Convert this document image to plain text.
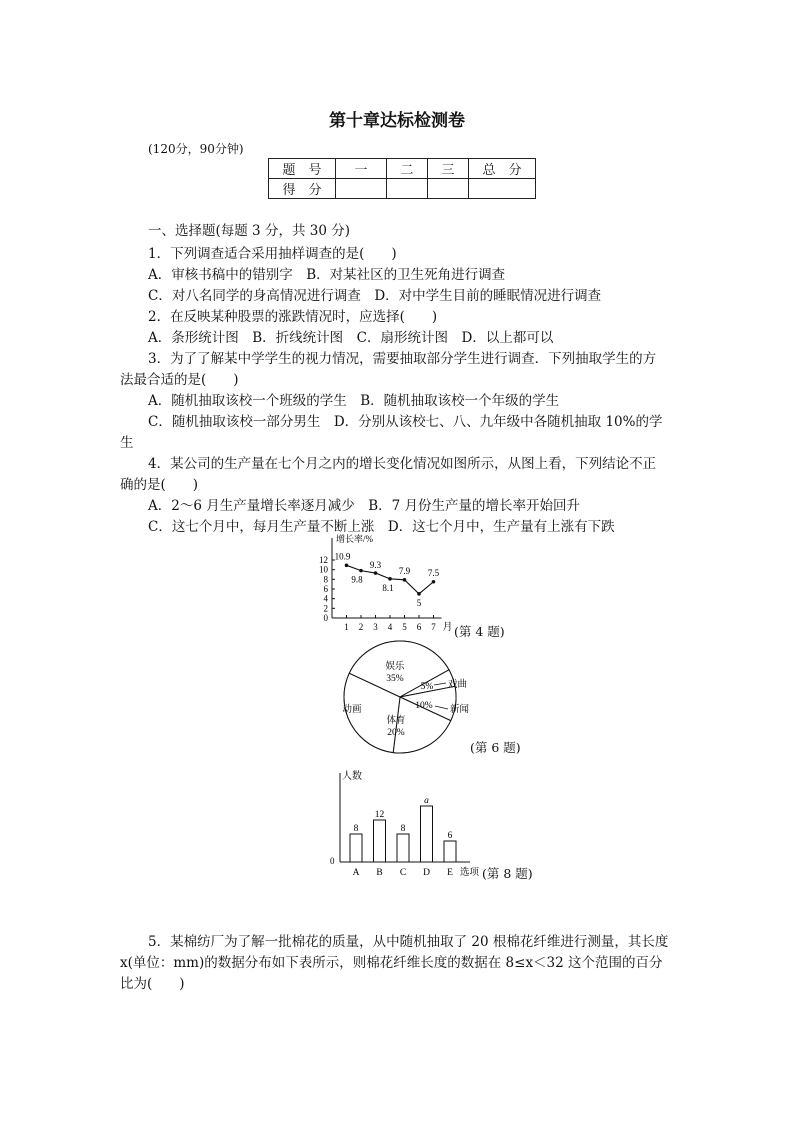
第十章达标检测卷
(120分，90分钟)
题　号	一	二	三	总　分
得　分				
一、选择题(每题 3 分，共 30 分)
1．下列调查适合采用抽样调查的是(　　)
A．审核书稿中的错别字　B．对某社区的卫生死角进行调查
C．对八名同学的身高情况进行调查　D．对中学生目前的睡眠情况进行调查
2．在反映某种股票的涨跌情况时，应选择(　　)
A．条形统计图　B．折线统计图　C．扇形统计图　D．以上都可以
3．为了了解某中学学生的视力情况，需要抽取部分学生进行调查．下列抽取学生的方
法最合适的是(　　)
A．随机抽取该校一个班级的学生　B．随机抽取该校一个年级的学生
C．随机抽取该校一部分男生　D．分别从该校七、八、九年级中各随机抽取 10%的学
生
4．某公司的生产量在七个月之内的增长变化情况如图所示，从图上看，下列结论不正
确的是(　　)
A．2～6 月生产量增长率逐月减少　B．7 月份生产量的增长率开始回升
C．这七个月中，每月生产量不断上涨　D．这七个月中，生产量有上涨有下跌
增长率/%
月
0
2
4
6
8
10
12
1 2 3 4 5 6 7
10.9
9.8
9.3
8.1
7.9
5
7.5
(第 4 题)
娱乐
35%
5% 戏曲
10% 新闻
体育
20%
动画
(第 6 题)
人数
0
选项
8
A
12
B
8
C
a
D
6
E (第 8 题)
5．某棉纺厂为了解一批棉花的质量，从中随机抽取了 20 根棉花纤维进行测量，其长度
x(单位：mm)的数据分布如下表所示，则棉花纤维长度的数据在 8≤x＜32 这个范围的百分
比为(　　)
